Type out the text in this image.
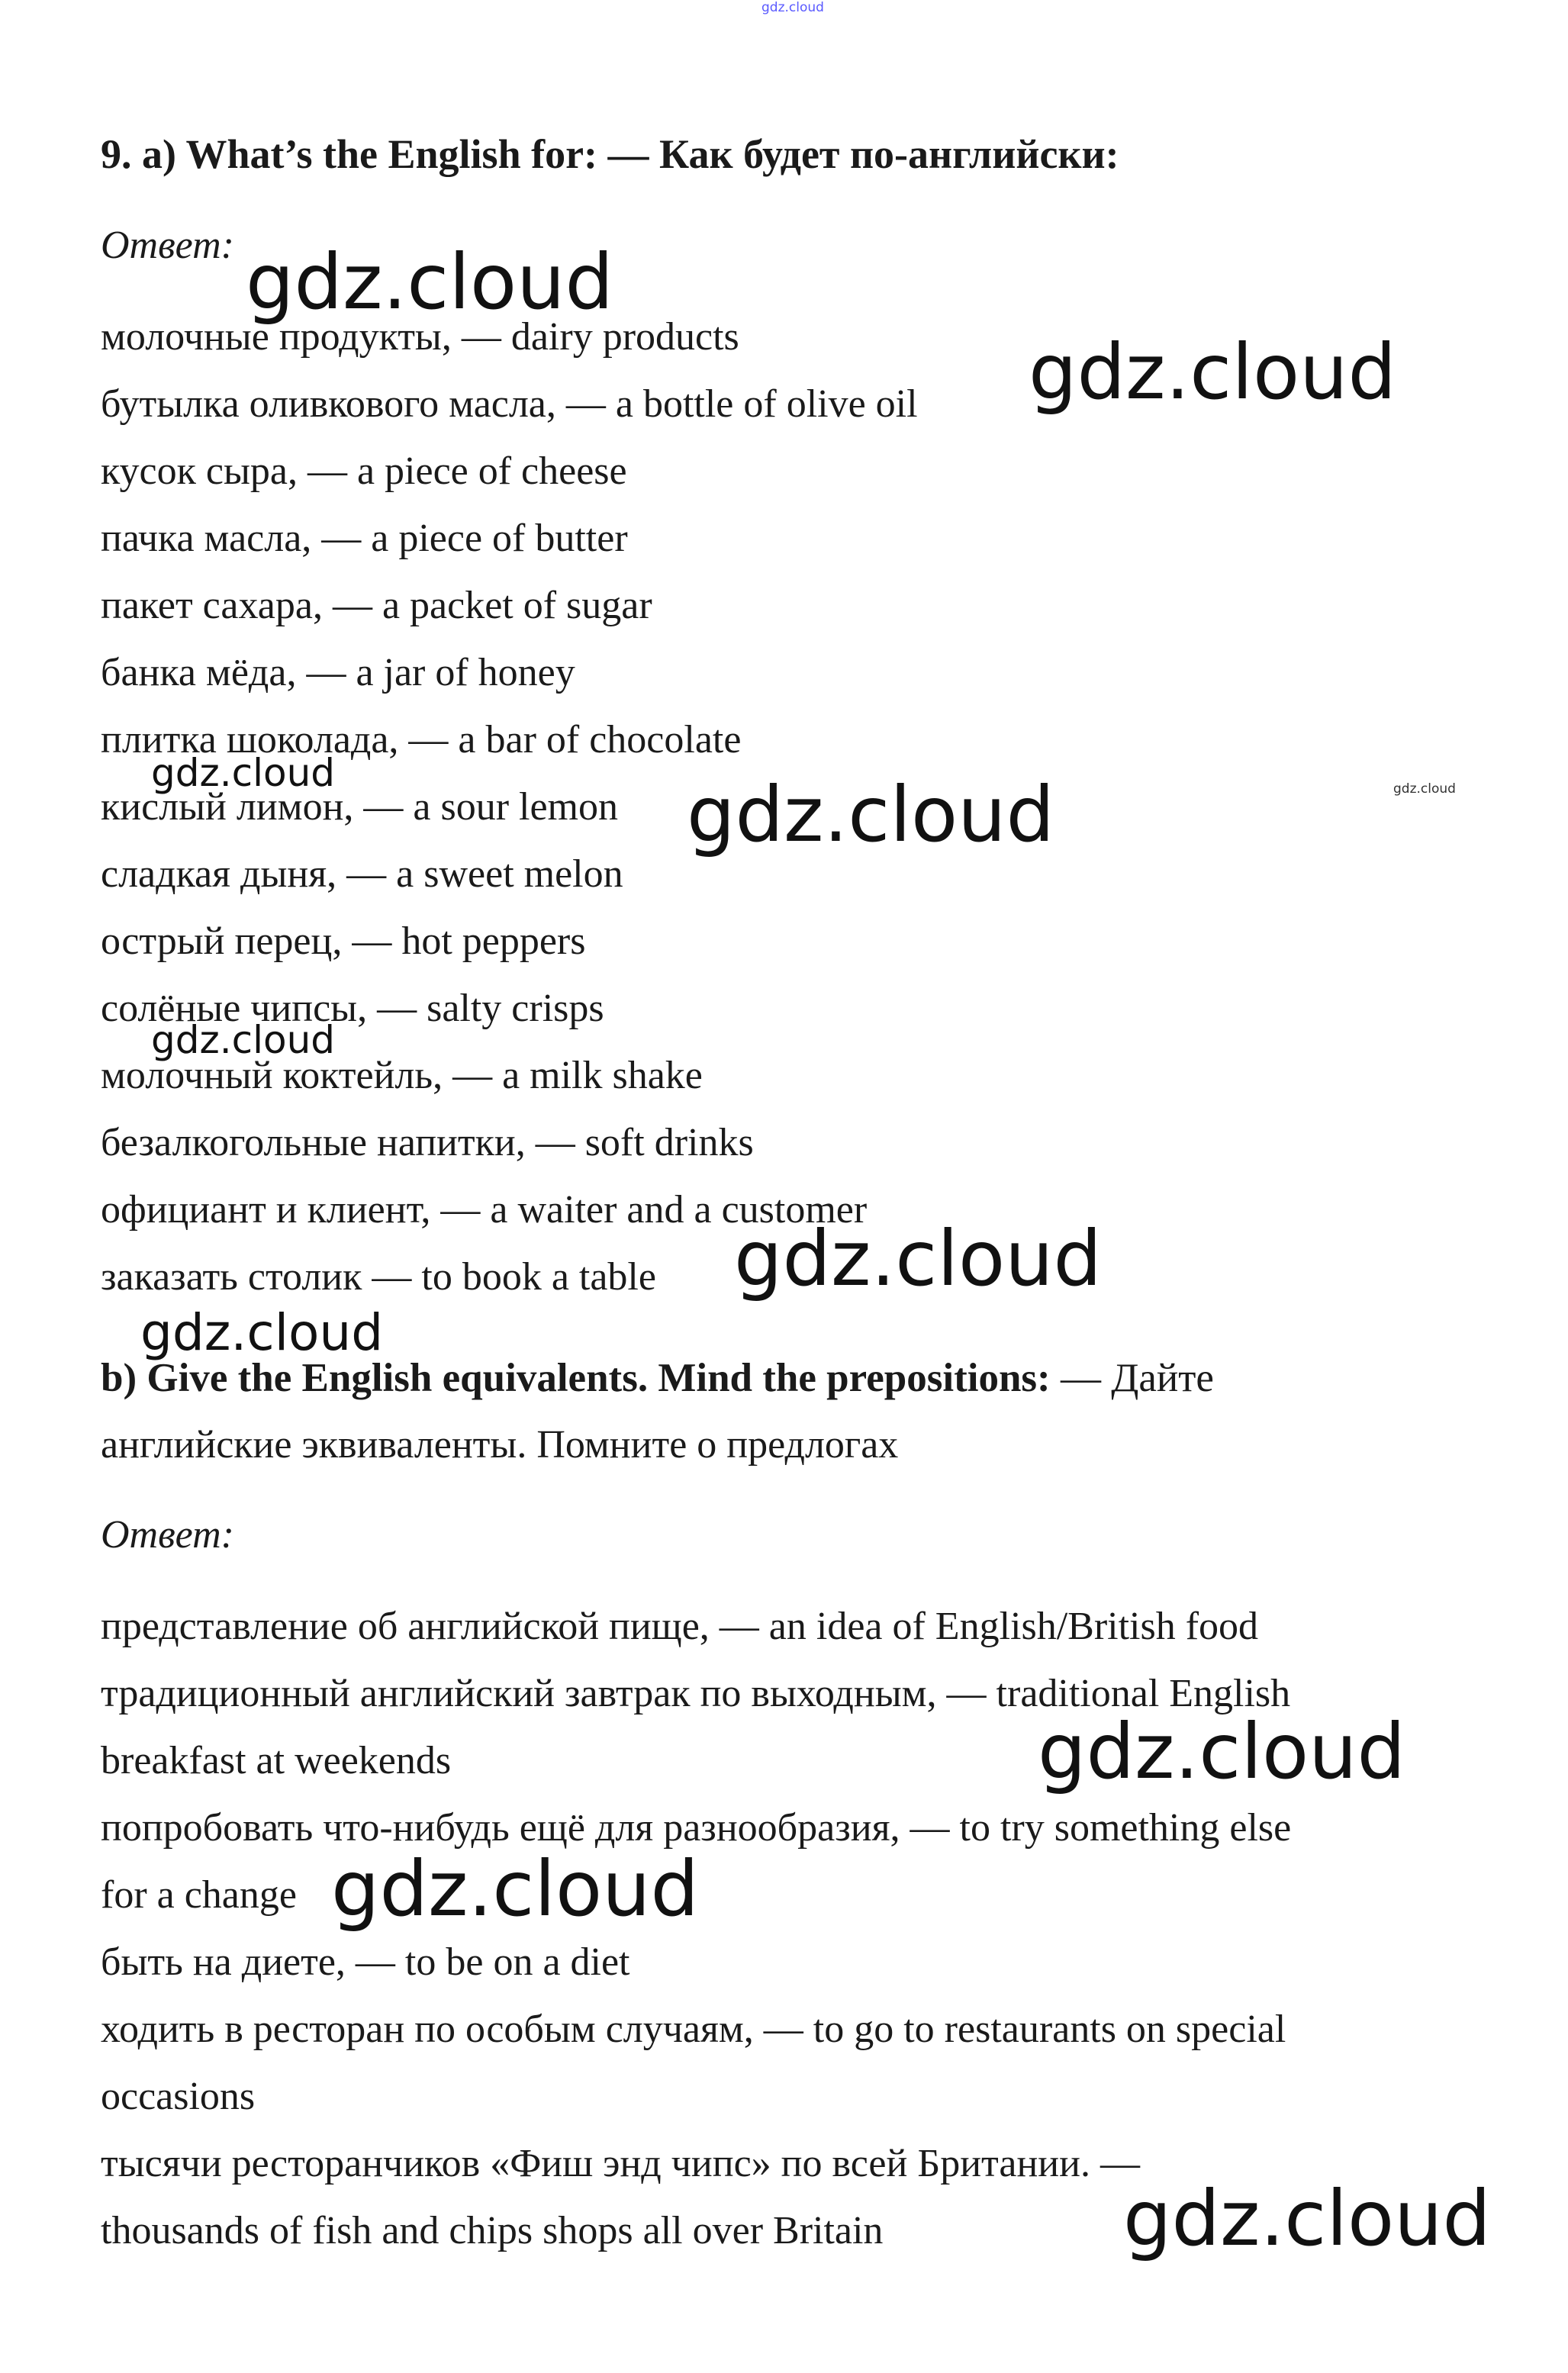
gdz.cloud
9. a) What’s the English for: — Как будет по-английски:
Ответ:
молочные продукты, — dairy products
бутылка оливкового масла, — a bottle of olive oil
кусок сыра, — a piece of cheese
пачка масла, — a piece of butter
пакет сахара, — a packet of sugar
банка мёда, — a jar of honey
плитка шоколада, — a bar of chocolate
кислый лимон, — a sour lemon
сладкая дыня, — a sweet melon
острый перец, — hot peppers
солёные чипсы, — salty crisps
молочный коктейль, — a milk shake
безалкогольные напитки, — soft drinks
официант и клиент, — a waiter and a customer
заказать столик — to book a table
b) Give the English equivalents. Mind the prepositions: — Дайте
английские эквиваленты. Помните о предлогах
Ответ:
представление об английской пище, — an idea of English/British food
традиционный английский завтрак по выходным, — traditional English
breakfast at weekends
попробовать что-нибудь ещё для разнообразия, — to try something else
for a change
быть на диете, — to be on a diet
ходить в ресторан по особым случаям, — to go to restaurants on special
occasions
тысячи ресторанчиков «Фиш энд чипс» по всей Британии. —
thousands of fish and chips shops all over Britain
gdz.cloud
gdz.cloud
gdz.cloud	gdz.cloud	gdz.cloud
gdz.cloud
gdz.cloud
gdz.cloud
gdz.cloud
gdz.cloud
gdz.cloud
